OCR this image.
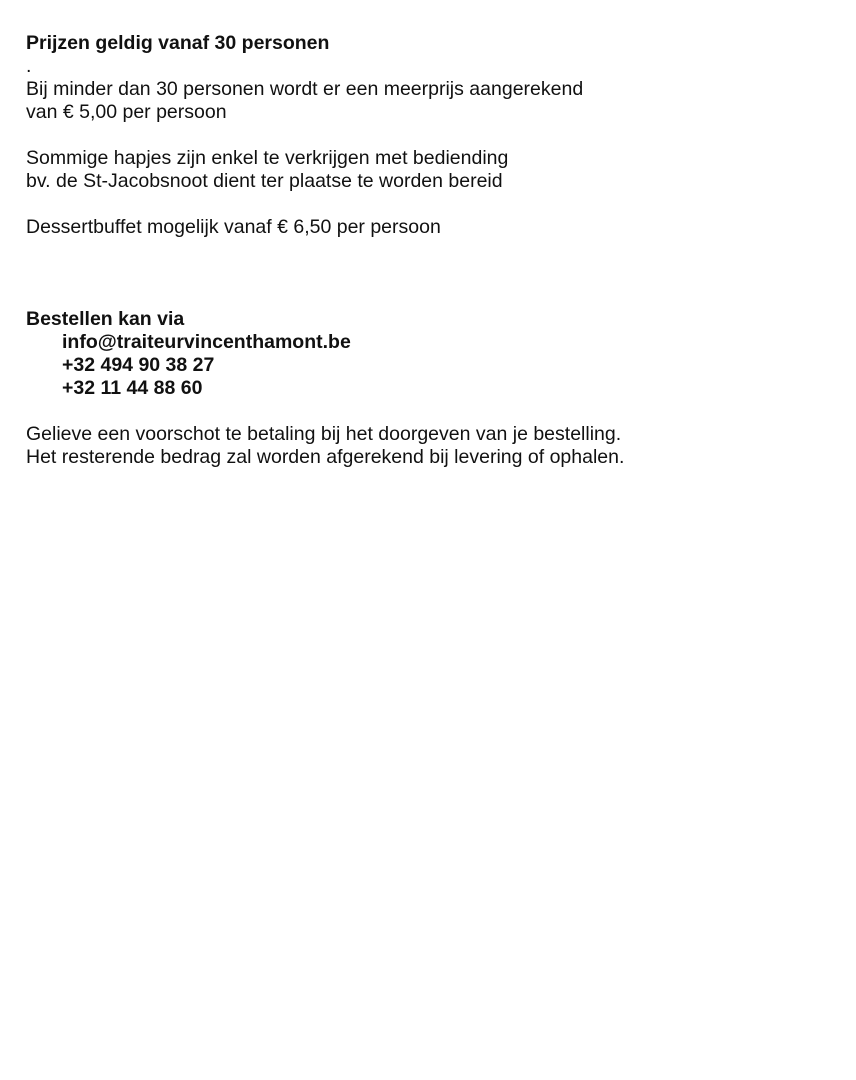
Prijzen geldig vanaf 30 personen
.
Bij minder dan 30 personen wordt er een meerprijs aangerekend
van € 5,00 per persoon
Sommige hapjes zijn enkel te verkrijgen met bediending
bv. de St-Jacobsnoot dient ter plaatse te worden bereid
Dessertbuffet mogelijk vanaf € 6,50 per persoon
Bestellen kan via
info@traiteurvincenthamont.be
+32 494 90 38 27
+32 11 44 88 60
Gelieve een voorschot te betaling bij het doorgeven van je bestelling.
Het resterende bedrag zal worden afgerekend bij levering of ophalen.
